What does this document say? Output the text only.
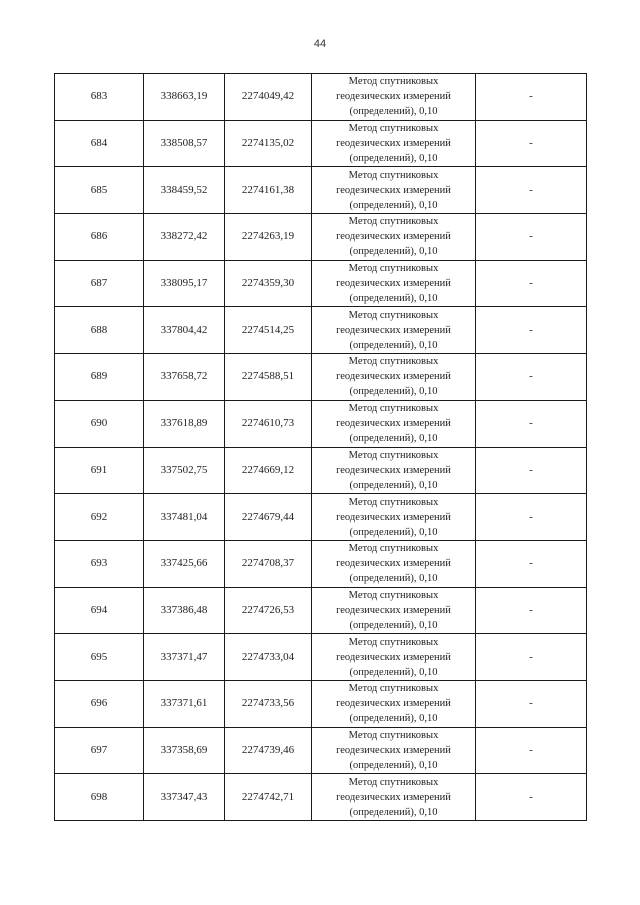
44
683	338663,19	2274049,42	Метод спутниковых
геодезических измерений
(определений), 0,10	-
684	338508,57	2274135,02	Метод спутниковых
геодезических измерений
(определений), 0,10	-
685	338459,52	2274161,38	Метод спутниковых
геодезических измерений
(определений), 0,10	-
686	338272,42	2274263,19	Метод спутниковых
геодезических измерений
(определений), 0,10	-
687	338095,17	2274359,30	Метод спутниковых
геодезических измерений
(определений), 0,10	-
688	337804,42	2274514,25	Метод спутниковых
геодезических измерений
(определений), 0,10	-
689	337658,72	2274588,51	Метод спутниковых
геодезических измерений
(определений), 0,10	-
690	337618,89	2274610,73	Метод спутниковых
геодезических измерений
(определений), 0,10	-
691	337502,75	2274669,12	Метод спутниковых
геодезических измерений
(определений), 0,10	-
692	337481,04	2274679,44	Метод спутниковых
геодезических измерений
(определений), 0,10	-
693	337425,66	2274708,37	Метод спутниковых
геодезических измерений
(определений), 0,10	-
694	337386,48	2274726,53	Метод спутниковых
геодезических измерений
(определений), 0,10	-
695	337371,47	2274733,04	Метод спутниковых
геодезических измерений
(определений), 0,10	-
696	337371,61	2274733,56	Метод спутниковых
геодезических измерений
(определений), 0,10	-
697	337358,69	2274739,46	Метод спутниковых
геодезических измерений
(определений), 0,10	-
698	337347,43	2274742,71	Метод спутниковых
геодезических измерений
(определений), 0,10	-
